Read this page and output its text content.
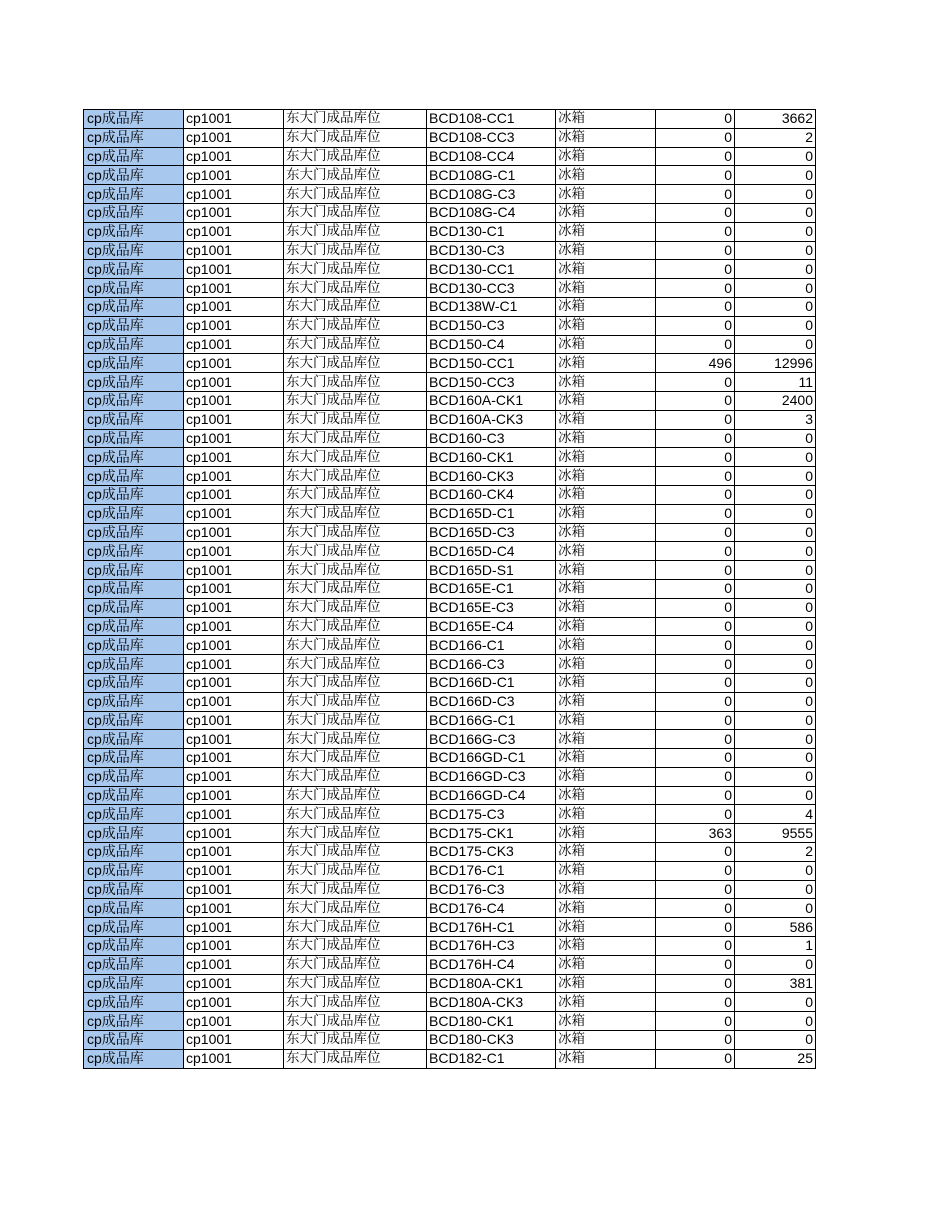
cp成品库	cp1001	东大门成品库位	BCD108-CC1	冰箱	0	3662
cp成品库	cp1001	东大门成品库位	BCD108-CC3	冰箱	0	2
cp成品库	cp1001	东大门成品库位	BCD108-CC4	冰箱	0	0
cp成品库	cp1001	东大门成品库位	BCD108G-C1	冰箱	0	0
cp成品库	cp1001	东大门成品库位	BCD108G-C3	冰箱	0	0
cp成品库	cp1001	东大门成品库位	BCD108G-C4	冰箱	0	0
cp成品库	cp1001	东大门成品库位	BCD130-C1	冰箱	0	0
cp成品库	cp1001	东大门成品库位	BCD130-C3	冰箱	0	0
cp成品库	cp1001	东大门成品库位	BCD130-CC1	冰箱	0	0
cp成品库	cp1001	东大门成品库位	BCD130-CC3	冰箱	0	0
cp成品库	cp1001	东大门成品库位	BCD138W-C1	冰箱	0	0
cp成品库	cp1001	东大门成品库位	BCD150-C3	冰箱	0	0
cp成品库	cp1001	东大门成品库位	BCD150-C4	冰箱	0	0
cp成品库	cp1001	东大门成品库位	BCD150-CC1	冰箱	496	12996
cp成品库	cp1001	东大门成品库位	BCD150-CC3	冰箱	0	11
cp成品库	cp1001	东大门成品库位	BCD160A-CK1	冰箱	0	2400
cp成品库	cp1001	东大门成品库位	BCD160A-CK3	冰箱	0	3
cp成品库	cp1001	东大门成品库位	BCD160-C3	冰箱	0	0
cp成品库	cp1001	东大门成品库位	BCD160-CK1	冰箱	0	0
cp成品库	cp1001	东大门成品库位	BCD160-CK3	冰箱	0	0
cp成品库	cp1001	东大门成品库位	BCD160-CK4	冰箱	0	0
cp成品库	cp1001	东大门成品库位	BCD165D-C1	冰箱	0	0
cp成品库	cp1001	东大门成品库位	BCD165D-C3	冰箱	0	0
cp成品库	cp1001	东大门成品库位	BCD165D-C4	冰箱	0	0
cp成品库	cp1001	东大门成品库位	BCD165D-S1	冰箱	0	0
cp成品库	cp1001	东大门成品库位	BCD165E-C1	冰箱	0	0
cp成品库	cp1001	东大门成品库位	BCD165E-C3	冰箱	0	0
cp成品库	cp1001	东大门成品库位	BCD165E-C4	冰箱	0	0
cp成品库	cp1001	东大门成品库位	BCD166-C1	冰箱	0	0
cp成品库	cp1001	东大门成品库位	BCD166-C3	冰箱	0	0
cp成品库	cp1001	东大门成品库位	BCD166D-C1	冰箱	0	0
cp成品库	cp1001	东大门成品库位	BCD166D-C3	冰箱	0	0
cp成品库	cp1001	东大门成品库位	BCD166G-C1	冰箱	0	0
cp成品库	cp1001	东大门成品库位	BCD166G-C3	冰箱	0	0
cp成品库	cp1001	东大门成品库位	BCD166GD-C1	冰箱	0	0
cp成品库	cp1001	东大门成品库位	BCD166GD-C3	冰箱	0	0
cp成品库	cp1001	东大门成品库位	BCD166GD-C4	冰箱	0	0
cp成品库	cp1001	东大门成品库位	BCD175-C3	冰箱	0	4
cp成品库	cp1001	东大门成品库位	BCD175-CK1	冰箱	363	9555
cp成品库	cp1001	东大门成品库位	BCD175-CK3	冰箱	0	2
cp成品库	cp1001	东大门成品库位	BCD176-C1	冰箱	0	0
cp成品库	cp1001	东大门成品库位	BCD176-C3	冰箱	0	0
cp成品库	cp1001	东大门成品库位	BCD176-C4	冰箱	0	0
cp成品库	cp1001	东大门成品库位	BCD176H-C1	冰箱	0	586
cp成品库	cp1001	东大门成品库位	BCD176H-C3	冰箱	0	1
cp成品库	cp1001	东大门成品库位	BCD176H-C4	冰箱	0	0
cp成品库	cp1001	东大门成品库位	BCD180A-CK1	冰箱	0	381
cp成品库	cp1001	东大门成品库位	BCD180A-CK3	冰箱	0	0
cp成品库	cp1001	东大门成品库位	BCD180-CK1	冰箱	0	0
cp成品库	cp1001	东大门成品库位	BCD180-CK3	冰箱	0	0
cp成品库	cp1001	东大门成品库位	BCD182-C1	冰箱	0	25
